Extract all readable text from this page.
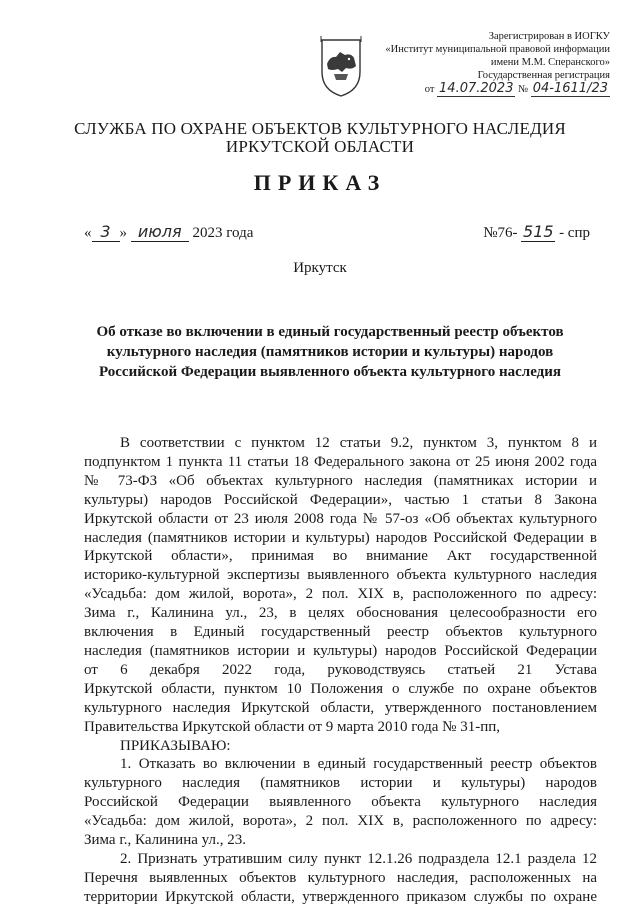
Зарегистрирован в ИОГКУ
«Институт муниципальной правовой информации
имени М.М. Сперанского»
Государственная регистрация
от 14.07.2023 № 04-1611/23
СЛУЖБА ПО ОХРАНЕ ОБЪЕКТОВ КУЛЬТУРНОГО НАСЛЕДИЯ
ИРКУТСКОЙ ОБЛАСТИ
ПРИКАЗ
« 3 » июля 2023 года	№76- 515 - спр
Иркутск
Об отказе во включении в единый государственный реестр объектов
культурного наследия (памятников истории и культуры) народов
Российской Федерации выявленного объекта культурного наследия
В соответствии с пунктом 12 статьи 9.2, пунктом 3, пунктом 8 и
подпунктом 1 пункта 11 статьи 18 Федерального закона от 25 июня 2002 года
№ 73-ФЗ «Об объектах культурного наследия (памятниках истории и
культуры) народов Российской Федерации», частью 1 статьи 8 Закона
Иркутской области от 23 июля 2008 года № 57-оз «Об объектах культурного
наследия (памятников истории и культуры) народов Российской Федерации в
Иркутской области», принимая во внимание Акт государственной
историко-культурной экспертизы выявленного объекта культурного наследия
«Усадьба: дом жилой, ворота», 2 пол. XIX в, расположенного по адресу:
Зима г., Калинина ул., 23, в целях обоснования целесообразности его
включения в Единый государственный реестр объектов культурного
наследия (памятников истории и культуры) народов Российской Федерации
от 6 декабря 2022 года, руководствуясь статьей 21 Устава
Иркутской области, пунктом 10 Положения о службе по охране объектов
культурного наследия Иркутской области, утвержденного постановлением
Правительства Иркутской области от 9 марта 2010 года № 31-пп,
ПРИКАЗЫВАЮ:
1. Отказать во включении в единый государственный реестр объектов
культурного наследия (памятников истории и культуры) народов
Российской Федерации выявленного объекта культурного наследия
«Усадьба: дом жилой, ворота», 2 пол. XIX в, расположенного по адресу:
Зима г., Калинина ул., 23.
2. Признать утратившим силу пункт 12.1.26 подраздела 12.1 раздела 12
Перечня выявленных объектов культурного наследия, расположенных на
территории Иркутской области, утвержденного приказом службы по охране
